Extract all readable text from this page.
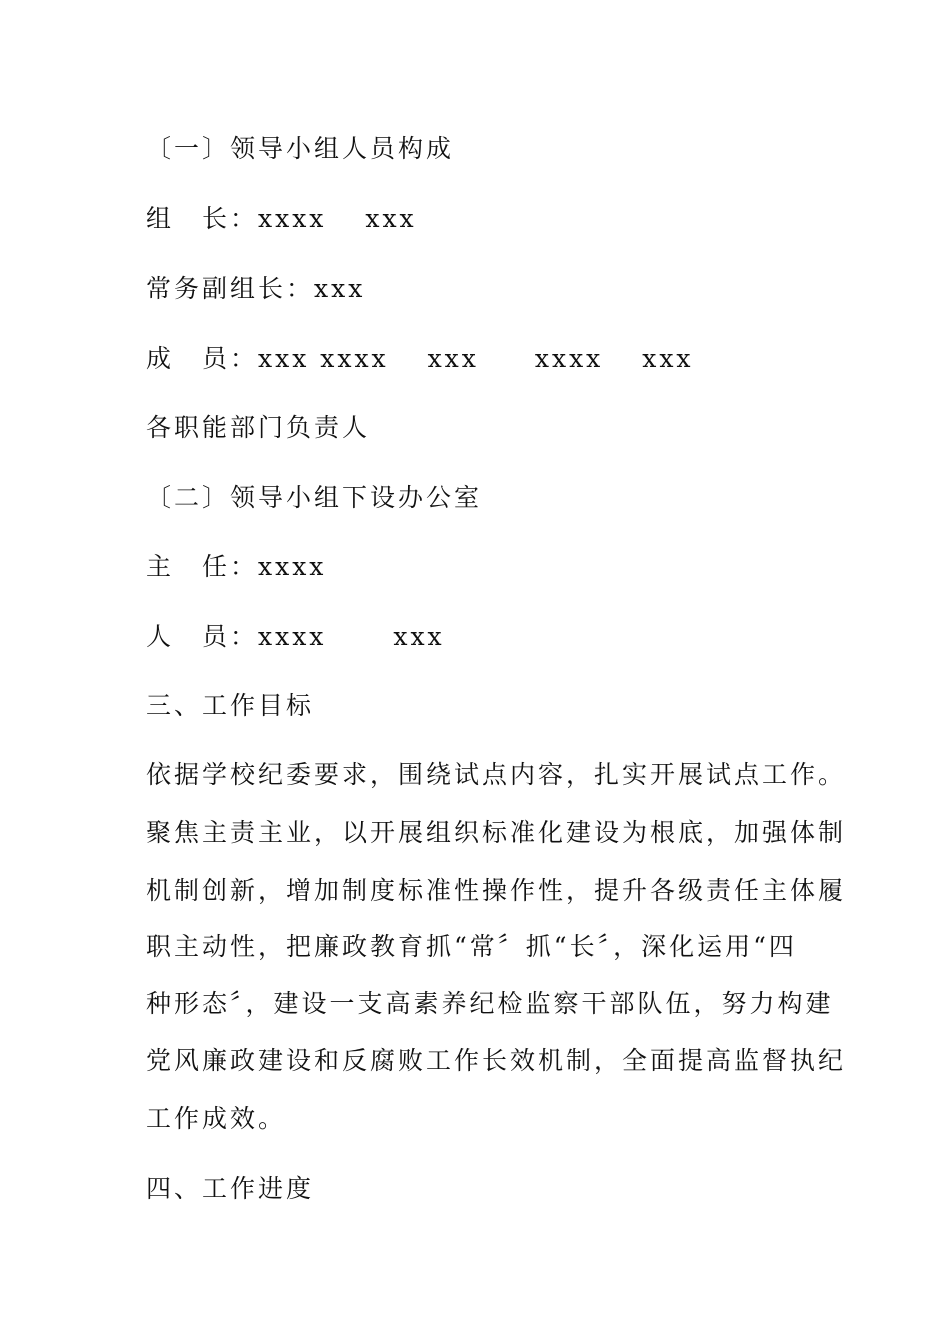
〔一〕领导小组人员构成
组　长：xxxx　 xxx
常务副组长：xxx
成　员：xxx xxxx　 xxx　　xxxx　 xxx
各职能部门负责人
〔二〕领导小组下设办公室
主　任：xxxx
人　员：xxxx　　 xxx
三、工作目标
依据学校纪委要求，围绕试点内容，扎实开展试点工作。
聚焦主责主业，以开展组织标准化建设为根底，加强体制
机制创新，增加制度标准性操作性，提升各级责任主体履
职主动性，把廉政教育抓“常〞抓“长〞，深化运用“四
种形态〞，建设一支高素养纪检监察干部队伍，努力构建
党风廉政建设和反腐败工作长效机制，全面提高监督执纪
工作成效。
四、工作进度
